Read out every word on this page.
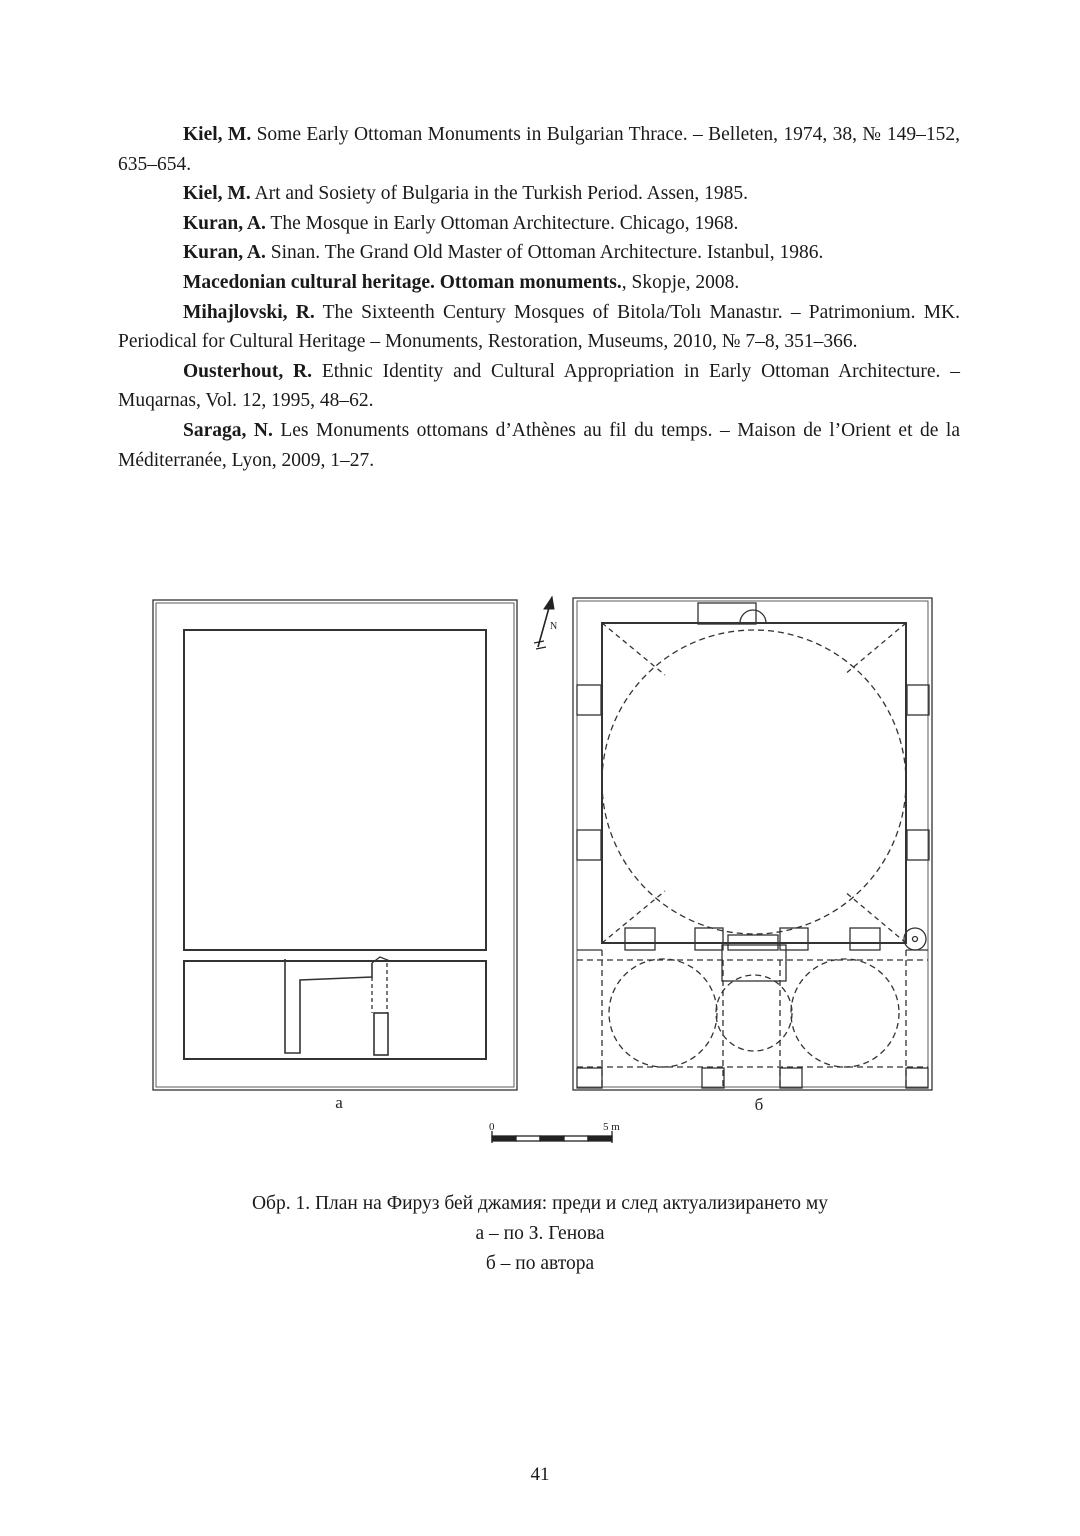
Kiel, M. Some Early Ottoman Monuments in Bulgarian Thrace. – Belleten, 1974, 38, № 149–152, 635–654.

Kiel, M. Art and Sosiety of Bulgaria in the Turkish Period. Assen, 1985.

Kuran, A. The Mosque in Early Ottoman Architecture. Chicago, 1968.

Kuran, A. Sinan. The Grand Old Master of Ottoman Architecture. Istanbul, 1986.

Macedonian cultural heritage. Ottoman monuments., Skopje, 2008.

Mihajlovski, R. The Sixteenth Century Mosques of Bitola/Tolı Manastır. – Patrimonium. MK. Periodical for Cultural Heritage – Monuments, Restoration, Museums, 2010, № 7–8, 351–366.

Ousterhout, R. Ethnic Identity and Cultural Appropriation in Early Ottoman Architecture. – Muqarnas, Vol. 12, 1995, 48–62.

Saraga, N. Les Monuments ottomans d’Athènes au fil du temps. – Maison de l’Orient et de la Méditerranée, Lyon, 2009, 1–27.

N
а	б
0	5 m
Обр. 1. План на Фируз бей джамия: преди и след актуализирането му
а – по З. Генова
б – по автора
41
